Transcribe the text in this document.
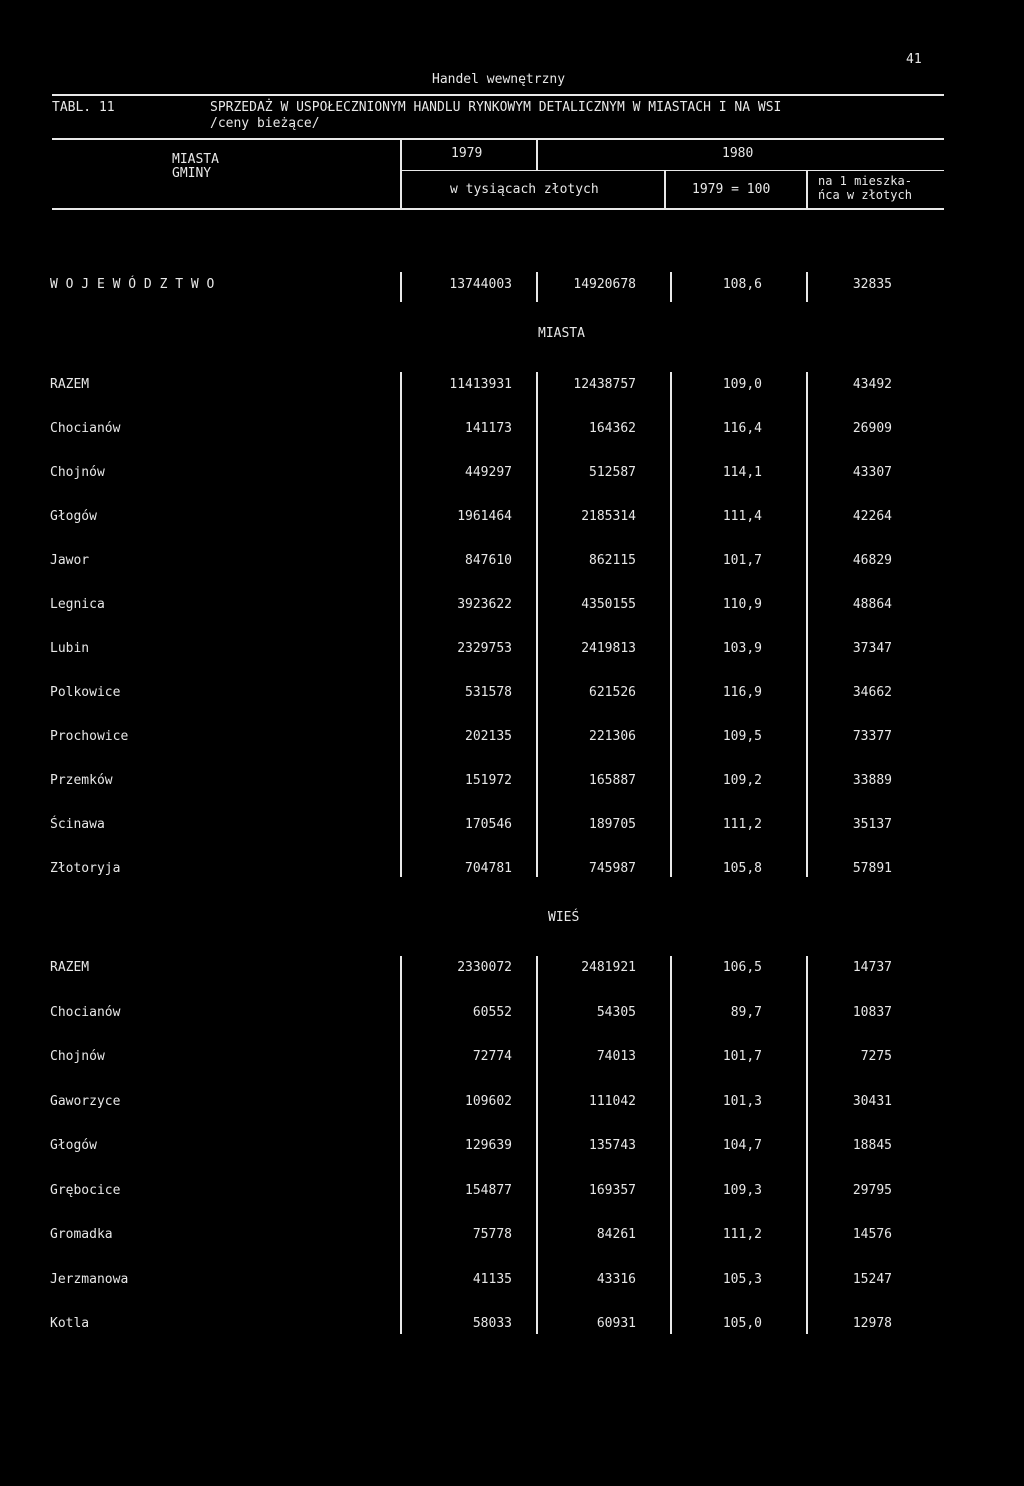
41
Handel wewnętrzny
TABL. 11	SPRZEDAŻ W USPOŁECZNIONYM HANDLU RYNKOWYM DETALICZNYM W MIASTACH I NA WSI
/ceny bieżące/
MIASTA
GMINY
1979	1980
w tysiącach złotych	1979 = 100
na 1 mieszka-
ńca w złotych
W O J E W Ó D Z T W O	13744003	14920678	108,6	32835
MIASTA
WIEŚ
RAZEM	11413931	12438757	109,0	43492
Chocianów	141173	164362	116,4	26909
Chojnów	449297	512587	114,1	43307
Głogów	1961464	2185314	111,4	42264
Jawor	847610	862115	101,7	46829
Legnica	3923622	4350155	110,9	48864
Lubin	2329753	2419813	103,9	37347
Polkowice	531578	621526	116,9	34662
Prochowice	202135	221306	109,5	73377
Przemków	151972	165887	109,2	33889
Ścinawa	170546	189705	111,2	35137
Złotoryja	704781	745987	105,8	57891
RAZEM	2330072	2481921	106,5	14737
Chocianów	60552	54305	89,7	10837
Chojnów	72774	74013	101,7	7275
Gaworzyce	109602	111042	101,3	30431
Głogów	129639	135743	104,7	18845
Grębocice	154877	169357	109,3	29795
Gromadka	75778	84261	111,2	14576
Jerzmanowa	41135	43316	105,3	15247
Kotla	58033	60931	105,0	12978
